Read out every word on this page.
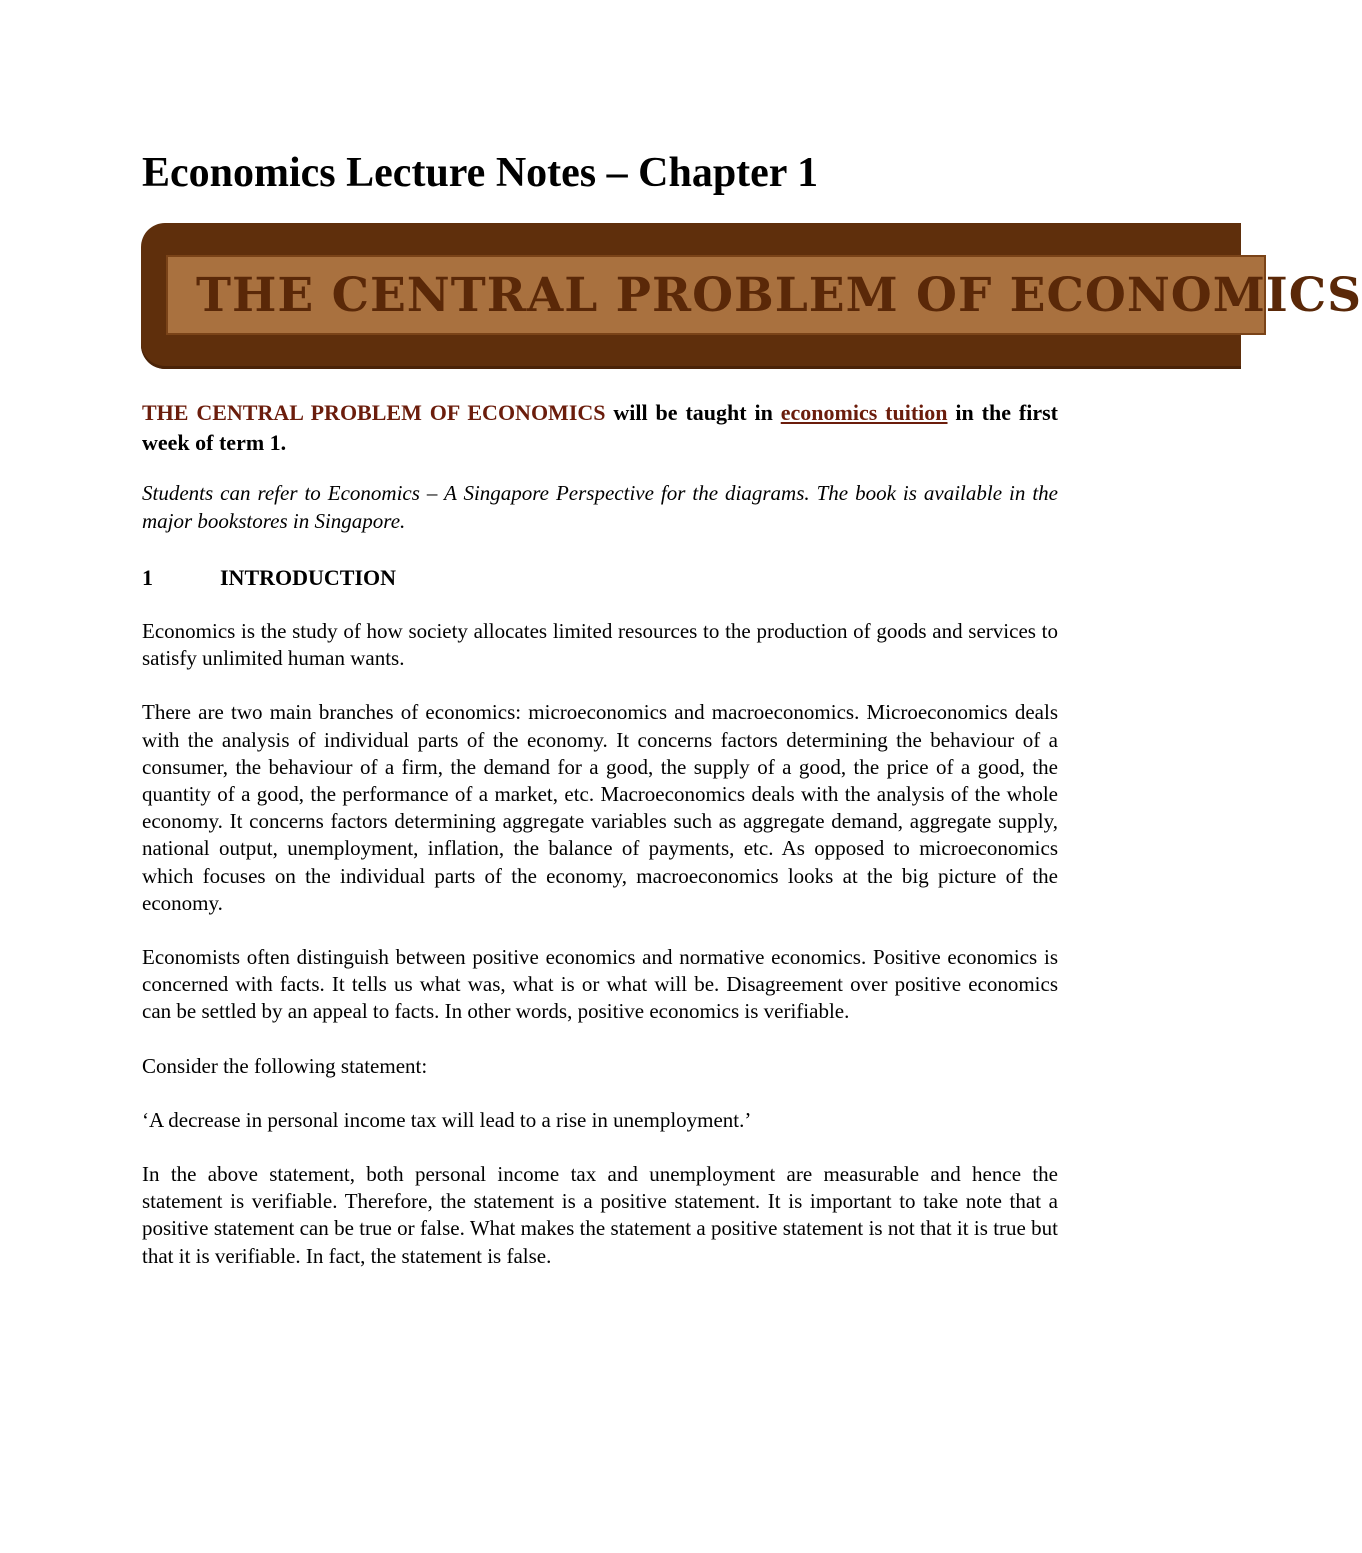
Economics Lecture Notes – Chapter 1
THE CENTRAL PROBLEM OF ECONOMICS

THE CENTRAL PROBLEM OF ECONOMICS will be taught in economics tuition in the first week of term 1.

Students can refer to Economics – A Singapore Perspective for the diagrams. The book is available in the major bookstores in Singapore.

1	INTRODUCTION

Economics is the study of how society allocates limited resources to the production of goods and services to satisfy unlimited human wants.

There are two main branches of economics: microeconomics and macroeconomics. Microeconomics deals with the analysis of individual parts of the economy. It concerns factors determining the behaviour of a consumer, the behaviour of a firm, the demand for a good, the supply of a good, the price of a good, the quantity of a good, the performance of a market, etc. Macroeconomics deals with the analysis of the whole economy. It concerns factors determining aggregate variables such as aggregate demand, aggregate supply, national output, unemployment, inflation, the balance of payments, etc. As opposed to microeconomics which focuses on the individual parts of the economy, macroeconomics looks at the big picture of the economy.

Economists often distinguish between positive economics and normative economics. Positive economics is concerned with facts. It tells us what was, what is or what will be. Disagreement over positive economics can be settled by an appeal to facts. In other words, positive economics is verifiable.

Consider the following statement:

‘A decrease in personal income tax will lead to a rise in unemployment.’

In the above statement, both personal income tax and unemployment are measurable and hence the statement is verifiable. Therefore, the statement is a positive statement. It is important to take note that a positive statement can be true or false. What makes the statement a positive statement is not that it is true but that it is verifiable. In fact, the statement is false.
